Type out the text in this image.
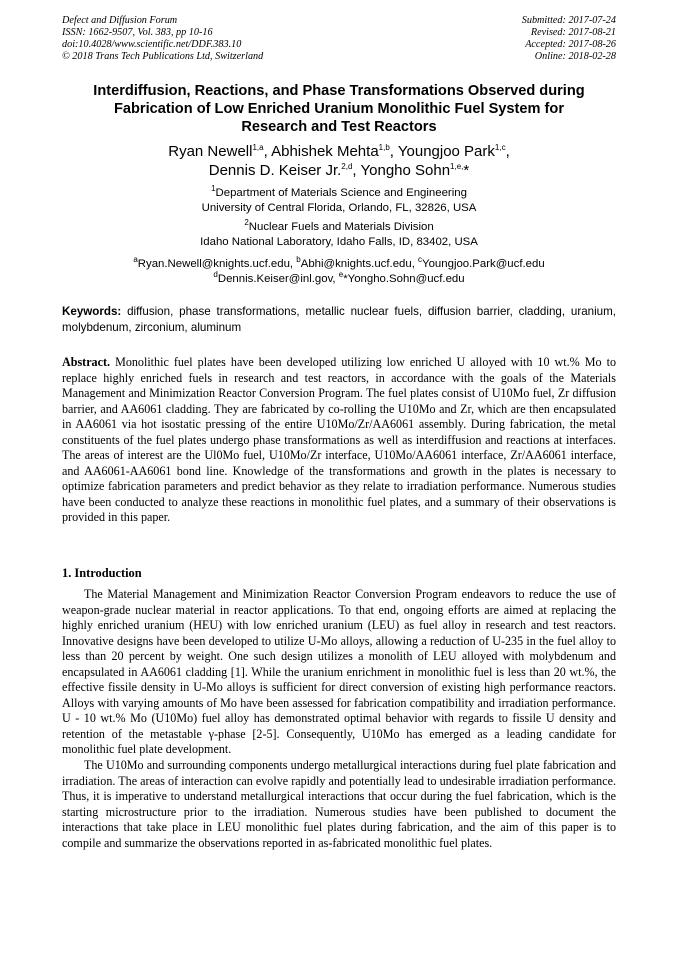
Defect and Diffusion Forum
ISSN: 1662-9507, Vol. 383, pp 10-16
doi:10.4028/www.scientific.net/DDF.383.10
© 2018 Trans Tech Publications Ltd, Switzerland
Submitted: 2017-07-24
Revised: 2017-08-21
Accepted: 2017-08-26
Online: 2018-02-28
Interdiffusion, Reactions, and Phase Transformations Observed during
Fabrication of Low Enriched Uranium Monolithic Fuel System for
Research and Test Reactors
Ryan Newell$^{1,a}$, Abhishek Mehta$^{1,b}$, Youngjoo Park$^{1,c}$,
Dennis D. Keiser Jr.$^{2,d}$, Yongho Sohn$^{1,e,}$*
$^1$Department of Materials Science and Engineering
University of Central Florida, Orlando, FL, 32826, USA
$^2$Nuclear Fuels and Materials Division
Idaho National Laboratory, Idaho Falls, ID, 83402, USA
$^a$Ryan.Newell@knights.ucf.edu, $^b$Abhi@knights.ucf.edu, $^c$Youngjoo.Park@ucf.edu
$^d$Dennis.Keiser@inl.gov, $^e$*Yongho.Sohn@ucf.edu
Keywords: diffusion, phase transformations, metallic nuclear fuels, diffusion barrier, cladding, uranium, molybdenum, zirconium, aluminum
Abstract. Monolithic fuel plates have been developed utilizing low enriched U alloyed with 10 wt.% Mo to replace highly enriched fuels in research and test reactors, in accordance with the goals of the Materials Management and Minimization Reactor Conversion Program. The fuel plates consist of U10Mo fuel, Zr diffusion barrier, and AA6061 cladding. They are fabricated by co-rolling the U10Mo and Zr, which are then encapsulated in AA6061 via hot isostatic pressing of the entire U10Mo/Zr/AA6061 assembly. During fabrication, the metal constituents of the fuel plates undergo phase transformations as well as interdiffusion and reactions at interfaces. The areas of interest are the Ul0Mo fuel, U10Mo/Zr interface, U10Mo/AA6061 interface, Zr/AA6061 interface, and AA6061-AA6061 bond line. Knowledge of the transformations and growth in the plates is necessary to optimize fabrication parameters and predict behavior as they relate to irradiation performance. Numerous studies have been conducted to analyze these reactions in monolithic fuel plates, and a summary of their observations is provided in this paper.
1. Introduction

The Material Management and Minimization Reactor Conversion Program endeavors to reduce the use of weapon-grade nuclear material in reactor applications. To that end, ongoing efforts are aimed at replacing the highly enriched uranium (HEU) with low enriched uranium (LEU) as fuel alloy in research and test reactors. Innovative designs have been developed to utilize U-Mo alloys, allowing a reduction of U-235 in the fuel alloy to less than 20 percent by weight. One such design utilizes a monolith of LEU alloyed with molybdenum and encapsulated in AA6061 cladding [1]. While the uranium enrichment in monolithic fuel is less than 20 wt.%, the effective fissile density in U-Mo alloys is sufficient for direct conversion of existing high performance reactors. Alloys with varying amounts of Mo have been assessed for fabrication compatibility and irradiation performance. U - 10 wt.% Mo (U10Mo) fuel alloy has demonstrated optimal behavior with regards to fissile U density and retention of the metastable γ-phase [2-5]. Consequently, U10Mo has emerged as a leading candidate for monolithic fuel plate development.

The U10Mo and surrounding components undergo metallurgical interactions during fuel plate fabrication and irradiation. The areas of interaction can evolve rapidly and potentially lead to undesirable irradiation performance. Thus, it is imperative to understand metallurgical interactions that occur during the fuel fabrication, which is the starting microstructure prior to the irradiation. Numerous studies have been published to document the interactions that take place in LEU monolithic fuel plates during fabrication, and the aim of this paper is to compile and summarize the observations reported in as-fabricated monolithic fuel plates.
